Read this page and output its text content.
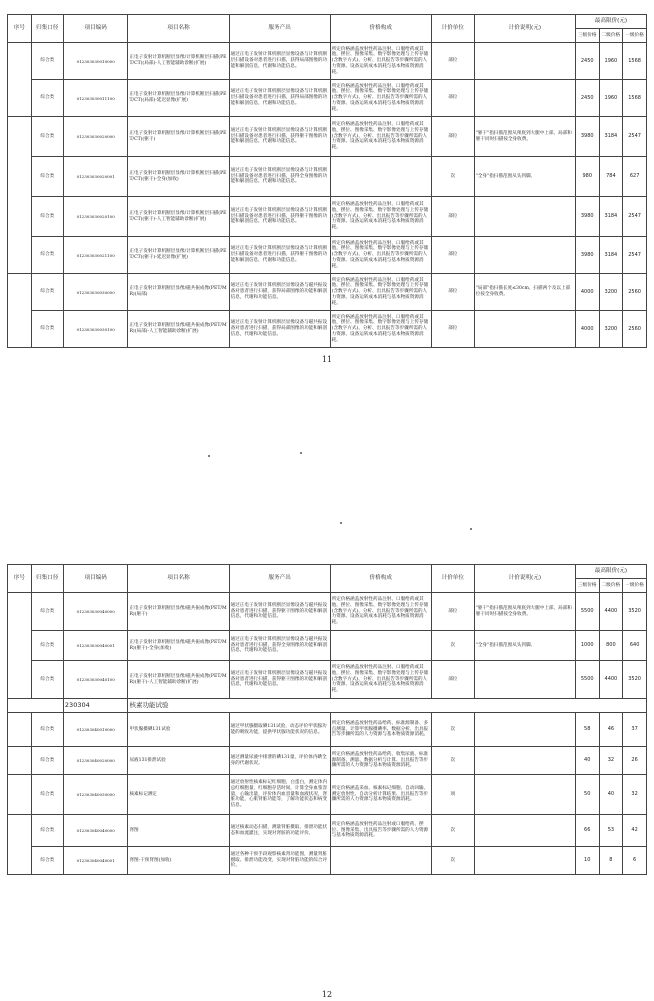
序号	归集口径	项目编码	项目名称	服务产出	价格构成	计价单位	计价说明(元)	最高限价(元)		
								三级价格	二级价格	一级价格
	综合类	012303030010000	正电子发射计算机断层显像/计算机断层扫描(PET/CT)(局部)-人工智能辅助诊断(扩展)	通过正电子发射计算机断层显像设备与计算机断层扫描设备对患者进行扫描，获得局部图像的功能和解剖信息，代谢和功能信息。	所定价格涵盖放射性药品注射、口服给药或其他，摆位、图像采集、数字影像处理与上传存储(含数字方式)、分析、出具报告等步骤所需的人力资源、设备运转成本消耗与基本物质资源消耗。	部位		2450	1960	1568
	综合类	012303030011100	正电子发射计算机断层显像/计算机断层扫描(PET/CT)(局部)-延迟显像(扩展)	通过正电子发射计算机断层显像设备与计算机断层扫描设备对患者进行扫描，获得局部图像的功能和解剖信息，代谢和功能信息。	所定价格涵盖放射性药品注射、口服给药或其他，摆位、图像采集、数字影像处理与上传存储(含数字方式)、分析、出具报告等步骤所需的人力资源、设备运转成本消耗与基本物质资源消耗。	部位		2450	1960	1568
	综合类	012303030020000	正电子发射计算机断层显像/计算机断层扫描(PET/CT)(躯干)	通过正电子发射计算机断层显像设备与计算机断层扫描设备对患者进行扫描，获得躯干图像的功能和解剖信息，代谢和功能信息。	所定价格涵盖放射性药品注射、口服给药或其他，摆位、图像采集、数字影像处理与上传存储(含数字方式)、分析、出具报告等步骤所需的人力资源、设备运转成本消耗与基本物质资源消耗。	部位	"躯干"指扫描范围从颅底到大腿中上部，局部和躯干同时扫描按全身收费。	3980	3184	2547
	综合类	012303030020001	正电子发射计算机断层显像/计算机断层扫描(PET/CT)(躯干)-全身(加收)	通过正电子发射计算机断层显像设备与计算机断层扫描设备对患者进行扫描，获得全身图像的功能和解剖信息，代谢和功能信息。		次	"全身"指扫描范围从头到脚。	980	784	627
	综合类	012303030020100	正电子发射计算机断层显像/计算机断层扫描(PET/CT)(躯干)-人工智能辅助诊断(扩展)	通过正电子发射计算机断层显像设备与计算机断层扫描设备对患者进行扫描，获得躯干图像的功能和解剖信息，代谢和功能信息。	所定价格涵盖放射性药品注射、口服给药或其他，摆位、图像采集、数字影像处理与上传存储(含数字方式)、分析、出具报告等步骤所需的人力资源、设备运转成本消耗与基本物质资源消耗。	部位		3980	3184	2547
	综合类	012303030021100	正电子发射计算机断层显像/计算机断层扫描(PET/CT)(躯干)-延迟显像(扩展)	通过正电子发射计算机断层显像设备与计算机断层扫描设备对患者进行扫描，获得躯干图像的功能和解剖信息，代谢和功能信息。	所定价格涵盖放射性药品注射、口服给药或其他，摆位、图像采集、数字影像处理与上传存储(含数字方式)、分析、出具报告等步骤所需的人力资源、设备运转成本消耗与基本物质资源消耗。	部位		3980	3184	2547
	综合类	012303030030000	正电子发射计算机断层显像/磁共振成像(PET/MR)(局部)	通过正电子发射计算机断层显像设备与磁共振设备对患者进行扫描，获得局部图像的功能和解剖信息，代谢和功能信息。	所定价格涵盖放射性药品注射、口服给药或其他，摆位、图像采集、数字影像处理与上传存储(含数字方式)、分析、出具报告等步骤所需的人力资源、设备运转成本消耗与基本物质资源消耗。	部位	"局部"指扫描长度≤30cm，扫描两个及以上部位按全身收费。	4000	3200	2560
	综合类	012303030030100	正电子发射计算机断层显像/磁共振成像(PET/MR)(局部)-人工智能辅助诊断(扩展)	通过正电子发射计算机断层显像设备与磁共振设备对患者进行扫描，获得局部图像的功能和解剖信息，代谢和功能信息。	所定价格涵盖放射性药品注射、口服给药或其他，摆位、图像采集、数字影像处理与上传存储(含数字方式)、分析、出具报告等步骤所需的人力资源、设备运转成本消耗与基本物质资源消耗。	部位		4000	3200	2560
11
序号	归集口径	项目编码	项目名称	服务产出	价格构成	计价单位	计价说明(元)	最高限价(元)		
								三级价格	二级价格	一级价格
	综合类	012303030040000	正电子发射计算机断层显像/磁共振成像(PET/MR)(躯干)	通过正电子发射计算机断层显像设备与磁共振设备对患者进行扫描，获得躯干图像的功能和解剖信息，代谢和功能信息。	所定价格涵盖放射性药品注射、口服给药或其他，摆位、图像采集、数字影像处理与上传存储(含数字方式)、分析、出具报告等步骤所需的人力资源、设备运转成本消耗与基本物质资源消耗。	部位	"躯干"指扫描范围从颅底到大腿中上部，局部和躯干同时扫描按全身收费。	5500	4400	3520
	综合类	012303030040001	正电子发射计算机断层显像/磁共振成像(PET/MR)(躯干)-全身(加收)	通过正电子发射计算机断层显像设备与磁共振设备对患者进行扫描，获得全身图像的功能和解剖信息，代谢和功能信息。		次	"全身"指扫描范围从头到脚。	1000	800	640
	综合类	012303030040100	正电子发射计算机断层显像/磁共振成像(PET/MR)(躯干)-人工智能辅助诊断(扩展)	通过正电子发射计算机断层显像设备与磁共振设备对患者进行扫描，获得躯干图像的功能和解剖信息，代谢和功能信息。	所定价格涵盖放射性药品注射、口服给药或其他，摆位、图像采集、数字影像处理与上传存储(含数字方式)、分析、出具报告等步骤所需的人力资源、设备运转成本消耗与基本物质资源消耗。	部位		5500	4400	3520
		230304	核素功能试验							
	综合类	012303040010000	甲状腺摄碘131试验	通过甲状腺摄取碘131试验，动态评价甲状腺功能的吸收功能，提供甲状腺功能状况的信息。	所定价格涵盖放射性药品给药、标准源制备、多点测量、计算甲状腺摄碘率、数据分析、出具报告等步骤所需的人力资源与基本物质资源消耗。	次		58	46	37
	综合类	012303040020000	尿液131排泄试验	通过测量尿液中排泄的碘131量，评价体内碘全身的代谢状况。	所定价格涵盖放射性药品给药、收集尿液、标准源制备、测量、数据分析与计算、出具报告等步骤所需的人力资源与基本物质资源消耗。	次		40	32	26
	综合类	012303040030000	核素标记测定	通过放射性核素标记红细胞，白蛋白，测定体内总红细胞量，红细胞存活时间，计算全身血浆容量，心输出量，评价体内血容量和血液状况，肾脏功能，心肌肾脏功能等，了解功能状态和病变信息。	所定价格涵盖采血、核素标记细胞、自动回输、测定放射性、自动分析计算结果、出具报告等步骤所需的人力资源与基本物质资源消耗。	项		50	40	32
	综合类	012303040040000	肾图	通过核素动态扫描，测量肾脏摄取、排泄功能状态和血流灌注，实现对肾脏的功能评价。	所定价格涵盖放射性药品注射或口服给药、摆位、图像采集、出具报告等步骤所需的人力资源与基本物质资源消耗。	次		66	53	42
	综合类	012303040040001	肾图-干预肾图(加收)	通过各种干预手段观察核素肾功能图，测量肾脏摄取、排泄功能改变，实现对肾脏功能的综合评价。		次		10	8	6
12
